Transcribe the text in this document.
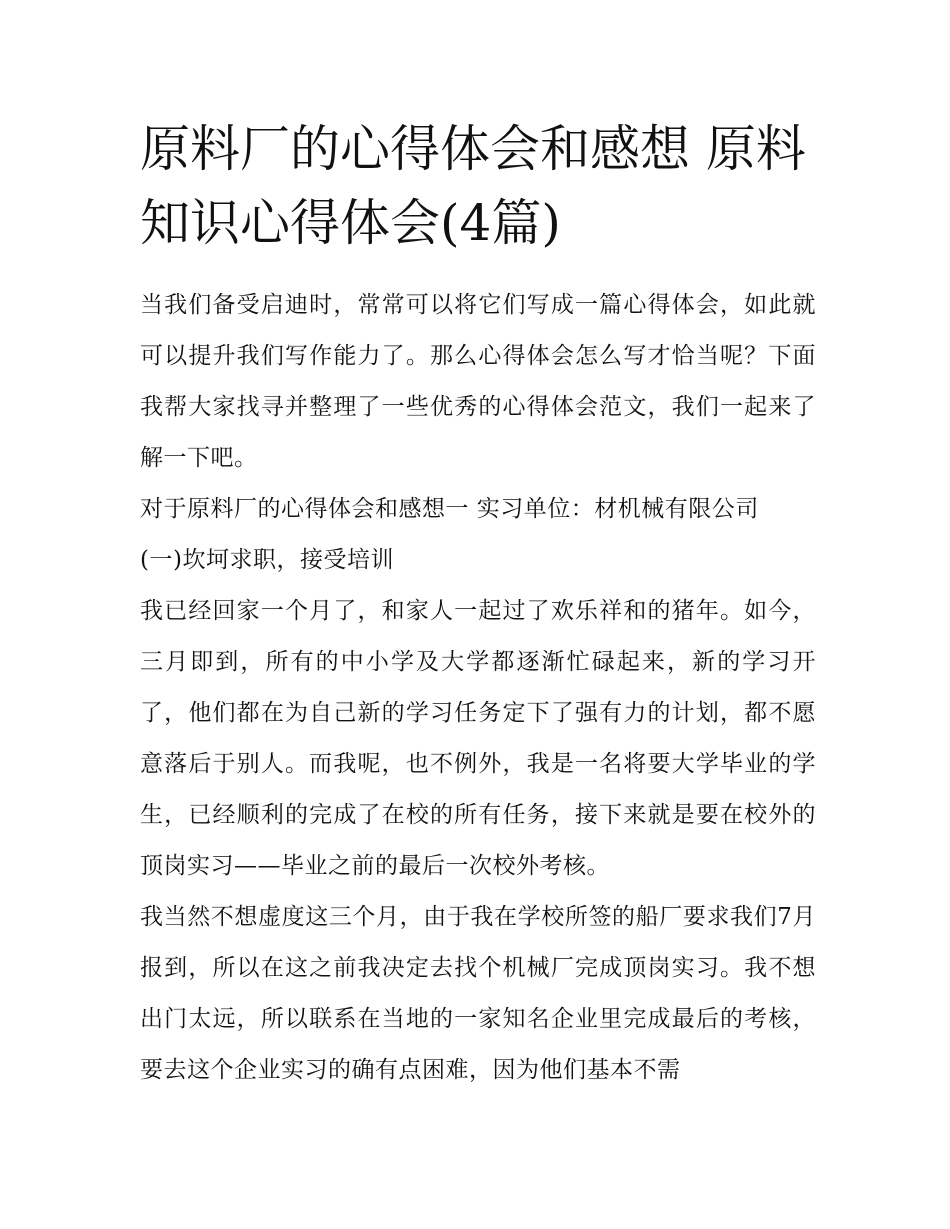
原料厂的心得体会和感想 原料知识心得体会(4篇)

当我们备受启迪时，常常可以将它们写成一篇心得体会，如此就可以提升我们写作能力了。那么心得体会怎么写才恰当呢？下面我帮大家找寻并整理了一些优秀的心得体会范文，我们一起来了解一下吧。

对于原料厂的心得体会和感想一 实习单位：材机械有限公司

(一)坎坷求职，接受培训

我已经回家一个月了，和家人一起过了欢乐祥和的猪年。如今，三月即到，所有的中小学及大学都逐渐忙碌起来，新的学习开了，他们都在为自己新的学习任务定下了强有力的计划，都不愿意落后于别人。而我呢，也不例外，我是一名将要大学毕业的学生，已经顺利的完成了在校的所有任务，接下来就是要在校外的顶岗实习——毕业之前的最后一次校外考核。

我当然不想虚度这三个月，由于我在学校所签的船厂要求我们7月报到，所以在这之前我决定去找个机械厂完成顶岗实习。我不想出门太远，所以联系在当地的一家知名企业里完成最后的考核，要去这个企业实习的确有点困难，因为他们基本不需
